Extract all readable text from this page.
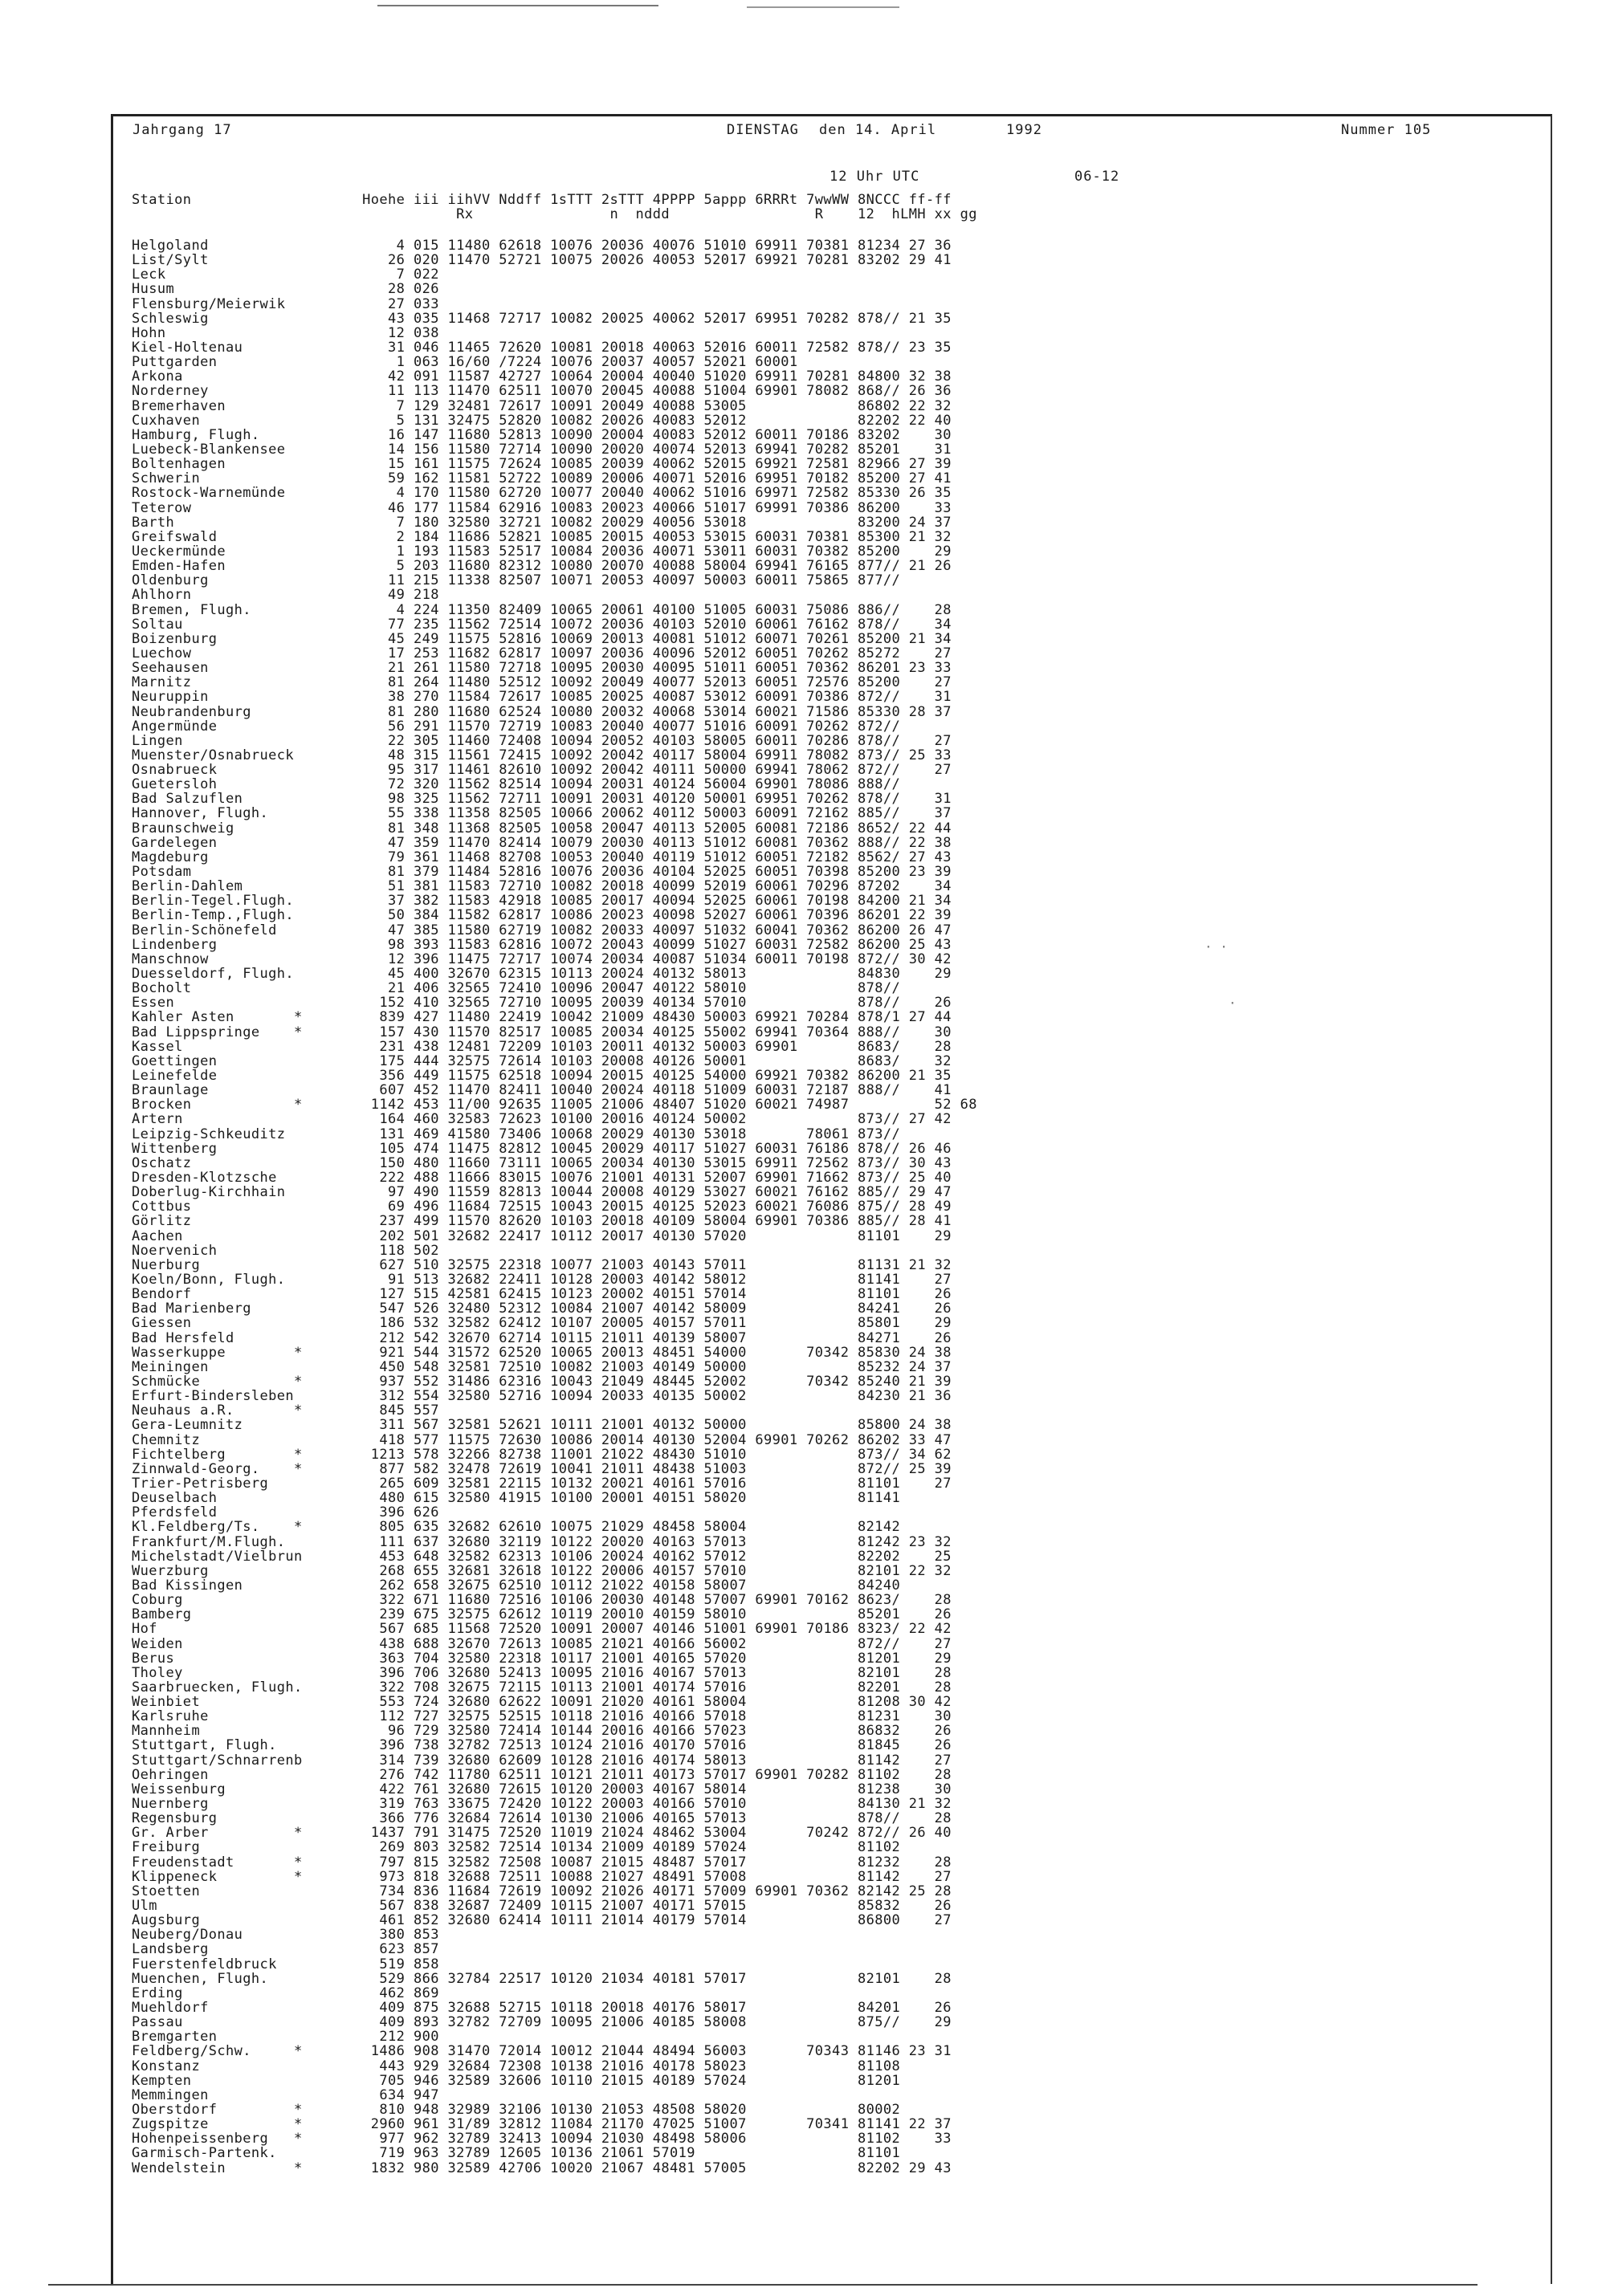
Jahrgang 17	DIENSTAG den 14. April	1992	Nummer 105
12 Uhr UTC	06-12
Station                    Hoehe iii iihVV Nddff 1sTTT 2sTTT 4PPPP 5appp 6RRRt 7wwWW 8NCCC ff-ff
Rx                n  nddd                 R    12  hLMH xx gg
Helgoland                      4 015 11480 62618 10076 20036 40076 51010 69911 70381 81234 27 36
List/Sylt                     26 020 11470 52721 10075 20026 40053 52017 69921 70281 83202 29 41
Leck                           7 022
Husum                         28 026
Flensburg/Meierwik            27 033
Schleswig                     43 035 11468 72717 10082 20025 40062 52017 69951 70282 878// 21 35
Hohn                          12 038
Kiel-Holtenau                 31 046 11465 72620 10081 20018 40063 52016 60011 72582 878// 23 35
Puttgarden                     1 063 16/60 /7224 10076 20037 40057 52021 60001
Arkona                        42 091 11587 42727 10064 20004 40040 51020 69911 70281 84800 32 38
Norderney                     11 113 11470 62511 10070 20045 40088 51004 69901 78082 868// 26 36
Bremerhaven                    7 129 32481 72617 10091 20049 40088 53005             86802 22 32
Cuxhaven                       5 131 32475 52820 10082 20026 40083 52012             82202 22 40
Hamburg, Flugh.               16 147 11680 52813 10090 20004 40083 52012 60011 70186 83202    30
Luebeck-Blankensee            14 156 11580 72714 10090 20020 40074 52013 69941 70282 85201    31
Boltenhagen                   15 161 11575 72624 10085 20039 40062 52015 69921 72581 82966 27 39
Schwerin                      59 162 11581 52722 10089 20006 40071 52016 69951 70182 85200 27 41
Rostock-Warnemünde             4 170 11580 62720 10077 20040 40062 51016 69971 72582 85330 26 35
Teterow                       46 177 11584 62916 10083 20023 40066 51017 69991 70386 86200    33
Barth                          7 180 32580 32721 10082 20029 40056 53018             83200 24 37
Greifswald                     2 184 11686 52821 10085 20015 40053 53015 60031 70381 85300 21 32
Ueckermünde                    1 193 11583 52517 10084 20036 40071 53011 60031 70382 85200    29
Emden-Hafen                    5 203 11680 82312 10080 20070 40088 58004 69941 76165 877// 21 26
Oldenburg                     11 215 11338 82507 10071 20053 40097 50003 60011 75865 877//
Ahlhorn                       49 218
Bremen, Flugh.                 4 224 11350 82409 10065 20061 40100 51005 60031 75086 886//    28
Soltau                        77 235 11562 72514 10072 20036 40103 52010 60061 76162 878//    34
Boizenburg                    45 249 11575 52816 10069 20013 40081 51012 60071 70261 85200 21 34
Luechow                       17 253 11682 62817 10097 20036 40096 52012 60051 70262 85272    27
Seehausen                     21 261 11580 72718 10095 20030 40095 51011 60051 70362 86201 23 33
Marnitz                       81 264 11480 52512 10092 20049 40077 52013 60051 72576 85200    27
Neuruppin                     38 270 11584 72617 10085 20025 40087 53012 60091 70386 872//    31
Neubrandenburg                81 280 11680 62524 10080 20032 40068 53014 60021 71586 85330 28 37
Angermünde                    56 291 11570 72719 10083 20040 40077 51016 60091 70262 872//
Lingen                        22 305 11460 72408 10094 20052 40103 58005 60011 70286 878//    27
Muenster/Osnabrueck           48 315 11561 72415 10092 20042 40117 58004 69911 78082 873// 25 33
Osnabrueck                    95 317 11461 82610 10092 20042 40111 50000 69941 78062 872//    27
Guetersloh                    72 320 11562 82514 10094 20031 40124 56004 69901 78086 888//
Bad Salzuflen                 98 325 11562 72711 10091 20031 40120 50001 69951 70262 878//    31
Hannover, Flugh.              55 338 11358 82505 10066 20062 40112 50003 60091 72162 885//    37
Braunschweig                  81 348 11368 82505 10058 20047 40113 52005 60081 72186 8652/ 22 44
Gardelegen                    47 359 11470 82414 10079 20030 40113 51012 60081 70362 888// 22 38
Magdeburg                     79 361 11468 82708 10053 20040 40119 51012 60051 72182 8562/ 27 43
Potsdam                       81 379 11484 52816 10076 20036 40104 52025 60051 70398 85200 23 39
Berlin-Dahlem                 51 381 11583 72710 10082 20018 40099 52019 60061 70296 87202    34
Berlin-Tegel.Flugh.           37 382 11583 42918 10085 20017 40094 52025 60061 70198 84200 21 34
Berlin-Temp.,Flugh.           50 384 11582 62817 10086 20023 40098 52027 60061 70396 86201 22 39
Berlin-Schönefeld             47 385 11580 62719 10082 20033 40097 51032 60041 70362 86200 26 47
Lindenberg                    98 393 11583 62816 10072 20043 40099 51027 60031 72582 86200 25 43
Manschnow                     12 396 11475 72717 10074 20034 40087 51034 60011 70198 872// 30 42
Duesseldorf, Flugh.           45 400 32670 62315 10113 20024 40132 58013             84830    29
Bocholt                       21 406 32565 72410 10096 20047 40122 58010             878//
Essen                        152 410 32565 72710 10095 20039 40134 57010             878//    26
Kahler Asten       *         839 427 11480 22419 10042 21009 48430 50003 69921 70284 878/1 27 44
Bad Lippspringe    *         157 430 11570 82517 10085 20034 40125 55002 69941 70364 888//    30
Kassel                       231 438 12481 72209 10103 20011 40132 50003 69901       8683/    28
Goettingen                   175 444 32575 72614 10103 20008 40126 50001             8683/    32
Leinefelde                   356 449 11575 62518 10094 20015 40125 54000 69921 70382 86200 21 35
Braunlage                    607 452 11470 82411 10040 20024 40118 51009 60031 72187 888//    41
Brocken            *        1142 453 11/00 92635 11005 21006 48407 51020 60021 74987          52 68
Artern                       164 460 32583 72623 10100 20016 40124 50002             873// 27 42
Leipzig-Schkeuditz           131 469 41580 73406 10068 20029 40130 53018       78061 873//
Wittenberg                   105 474 11475 82812 10045 20029 40117 51027 60031 76186 878// 26 46
Oschatz                      150 480 11660 73111 10065 20034 40130 53015 69911 72562 873// 30 43
Dresden-Klotzsche            222 488 11666 83015 10076 21001 40131 52007 69901 71662 873// 25 40
Doberlug-Kirchhain            97 490 11559 82813 10044 20008 40129 53027 60021 76162 885// 29 47
Cottbus                       69 496 11684 72515 10043 20015 40125 52023 60021 76086 875// 28 49
Görlitz                      237 499 11570 82620 10103 20018 40109 58004 69901 70386 885// 28 41
Aachen                       202 501 32682 22417 10112 20017 40130 57020             81101    29
Noervenich                   118 502
Nuerburg                     627 510 32575 22318 10077 21003 40143 57011             81131 21 32
Koeln/Bonn, Flugh.            91 513 32682 22411 10128 20003 40142 58012             81141    27
Bendorf                      127 515 42581 62415 10123 20002 40151 57014             81101    26
Bad Marienberg               547 526 32480 52312 10084 21007 40142 58009             84241    26
Giessen                      186 532 32582 62412 10107 20005 40157 57011             85801    29
Bad Hersfeld                 212 542 32670 62714 10115 21011 40139 58007             84271    26
Wasserkuppe        *         921 544 31572 62520 10065 20013 48451 54000       70342 85830 24 38
Meiningen                    450 548 32581 72510 10082 21003 40149 50000             85232 24 37
Schmücke           *         937 552 31486 62316 10043 21049 48445 52002       70342 85240 21 39
Erfurt-Bindersleben          312 554 32580 52716 10094 20033 40135 50002             84230 21 36
Neuhaus a.R.       *         845 557
Gera-Leumnitz                311 567 32581 52621 10111 21001 40132 50000             85800 24 38
Chemnitz                     418 577 11575 72630 10086 20014 40130 52004 69901 70262 86202 33 47
Fichtelberg        *        1213 578 32266 82738 11001 21022 48430 51010             873// 34 62
Zinnwald-Georg.    *         877 582 32478 72619 10041 21011 48438 51003             872// 25 39
Trier-Petrisberg             265 609 32581 22115 10132 20021 40161 57016             81101    27
Deuselbach                   480 615 32580 41915 10100 20001 40151 58020             81141
Pferdsfeld                   396 626
Kl.Feldberg/Ts.    *         805 635 32682 62610 10075 21029 48458 58004             82142
Frankfurt/M.Flugh.           111 637 32680 32119 10122 20020 40163 57013             81242 23 32
Michelstadt/Vielbrun         453 648 32582 62313 10106 20024 40162 57012             82202    25
Wuerzburg                    268 655 32681 32618 10122 20006 40157 57010             82101 22 32
Bad Kissingen                262 658 32675 62510 10112 21022 40158 58007             84240
Coburg                       322 671 11680 72516 10106 20030 40148 57007 69901 70162 8623/    28
Bamberg                      239 675 32575 62612 10119 20010 40159 58010             85201    26
Hof                          567 685 11568 72520 10091 20007 40146 51001 69901 70186 8323/ 22 42
Weiden                       438 688 32670 72613 10085 21021 40166 56002             872//    27
Berus                        363 704 32580 22318 10117 21001 40165 57020             81201    29
Tholey                       396 706 32680 52413 10095 21016 40167 57013             82101    28
Saarbruecken, Flugh.         322 708 32675 72115 10113 21001 40174 57016             82201    28
Weinbiet                     553 724 32680 62622 10091 21020 40161 58004             81208 30 42
Karlsruhe                    112 727 32575 52515 10118 21016 40166 57018             81231    30
Mannheim                      96 729 32580 72414 10144 20016 40166 57023             86832    26
Stuttgart, Flugh.            396 738 32782 72513 10124 21016 40170 57016             81845    26
Stuttgart/Schnarrenb         314 739 32680 62609 10128 21016 40174 58013             81142    27
Oehringen                    276 742 11780 62511 10121 21011 40173 57017 69901 70282 81102    28
Weissenburg                  422 761 32680 72615 10120 20003 40167 58014             81238    30
Nuernberg                    319 763 33675 72420 10122 20003 40166 57010             84130 21 32
Regensburg                   366 776 32684 72614 10130 21006 40165 57013             878//    28
Gr. Arber          *        1437 791 31475 72520 11019 21024 48462 53004       70242 872// 26 40
Freiburg                     269 803 32582 72514 10134 21009 40189 57024             81102
Freudenstadt       *         797 815 32582 72508 10087 21015 48487 57017             81232    28
Klippeneck         *         973 818 32688 72511 10088 21027 48491 57008             81142    27
Stoetten                     734 836 11684 72619 10092 21026 40171 57009 69901 70362 82142 25 28
Ulm                          567 838 32687 72409 10115 21007 40171 57015             85832    26
Augsburg                     461 852 32680 62414 10111 21014 40179 57014             86800    27
Neuberg/Donau                380 853
Landsberg                    623 857
Fuerstenfeldbruck            519 858
Muenchen, Flugh.             529 866 32784 22517 10120 21034 40181 57017             82101    28
Erding                       462 869
Muehldorf                    409 875 32688 52715 10118 20018 40176 58017             84201    26
Passau                       409 893 32782 72709 10095 21006 40185 58008             875//    29
Bremgarten                   212 900
Feldberg/Schw.     *        1486 908 31470 72014 10012 21044 48494 56003       70343 81146 23 31
Konstanz                     443 929 32684 72308 10138 21016 40178 58023             81108
Kempten                      705 946 32589 32606 10110 21015 40189 57024             81201
Memmingen                    634 947
Oberstdorf         *         810 948 32989 32106 10130 21053 48508 58020             80002
Zugspitze          *        2960 961 31/89 32812 11084 21170 47025 51007       70341 81141 22 37
Hohenpeissenberg   *         977 962 32789 32413 10094 21030 48498 58006             81102    33
Garmisch-Partenk.            719 963 32789 12605 10136 21061 57019                   81101
Wendelstein        *        1832 980 32589 42706 10020 21067 48481 57005             82202 29 43
· ·
·
